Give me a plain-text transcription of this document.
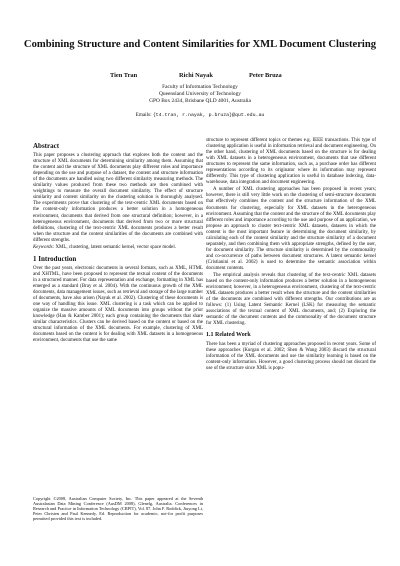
Combining Structure and Content Similarities for XML Document Clustering
Tien Tran	Richi Nayak	Peter Bruza
Faculty of Information Technology
Queensland University of Technology
GPO Box 2434, Brisbane QLD 4001, Australia
Emails: {t4.tran, r.nayak, p.bruza}@qut.edu.au
Abstract

This paper proposes a clustering approach that explores both the content and the structure of XML documents for determining similarity among them. Assuming that the content and the structure of XML documents play different roles and importance depending on the use and purpose of a dataset, the content and structure information of the documents are handled using two different similarity measuring methods. The similarity values produced from these two methods are then combined with weightings to measure the overall document similarity. The effect of structure similarity and content similarity on the clustering solution is thoroughly analysed. The experiments prove that clustering of the text-centric XML documents based on the content-only information produces a better solution in a homogeneous environment, documents that derived from one structural definition; however, in a heterogeneous environment, documents that derived from two or more structural definitions, clustering of the text-centric XML documents produces a better result when the structure and the content similarities of the documents are combined with different strengths.

Keywords: XML, clustering, latent semantic kernel, vector space model.

1 Introduction

Over the past years, electronic documents in several formats, such as XML, HTML and XHTML, have been proposed to represent the textual content of the documents in a structured manner. For data representation and exchange, formatting in XML has emerged as a standard (Bray et al. 2004). With the continuous growth of the XML documents, data management issues, such as retrieval and storage of the large number of documents, have also arisen (Nayak et al. 2002). Clustering of these documents is one way of handling this issue. XML clustering is a task which can be applied to organize the massive amounts of XML documents into groups without the prior knowledge (Han & Kamber 2001); each group containing the documents that share similar characteristics. Clusters can be derived based on the content or based on the structural information of the XML documents. For example, clustering of XML documents based on the content is for dealing with XML datasets in a homogeneous environment, documents that use the same

Copyright ©2008, Australian Computer Society, Inc. This paper appeared at the Seventh Australasian Data Mining Conference (AusDM 2008), Glenelg, Australia. Conferences in Research and Practice in Information Technology (CRPIT), Vol. 87. John F. Roddick, Jiuyong Li, Peter Christen and Paul Kennedy, Ed. Reproduction for academic, not-for profit purposes permitted provided this text is included.

structure to represent different topics or themes e.g. IEEE transactions. This type of clustering application is useful in information retrieval and document engineering. On the other hand, clustering of XML documents based on the structure is for dealing with XML datasets in a heterogeneous environment, documents that use different structures to represent the same information, such as, a purchase order has different representations according to its originator where its information may represent differently. This type of clustering application is useful in database indexing, data-warehouse, data integration and document engineering.

A number of XML clustering approaches has been proposed in recent years; however, there is still very little work on the clustering of semi-structure documents that effectively combines the content and the structure information of the XML documents for clustering, especially for XML datasets in the heterogeneous environment. Assuming that the content and the structure of the XML documents play different roles and importance according to the use and purpose of an application, we propose an approach to cluster text-centric XML datasets, datasets in which the content is the most important feature in determining the document similarity, by calculating each of the content similarity and the structure similarity of a document separately, and then combining them with appropriate strengths, defined by the user, for document similarity. The structure similarity is determined by the commonality and co-occurrence of paths between document structures. A latent semantic kernel (Cristianini et al. 2002) is used to determine the semantic association within document contents.

The empirical analysis reveals that clustering of the text-centric XML datasets based on the content-only information produces a better solution in a homogeneous environment; however, in a heterogeneous environment, clustering of the text-centric XML datasets produces a better result when the structure and the content similarities of the documents are combined with different strengths. Our contributions are as follows: (1) Using Latent Semantic Kernel (LSK) for measuring the semantic associations of the textual content of XML documents, and; (2) Exploring the semantic of the document contents and the commonality of the document structure for XML clustering.

1.1 Related Work

There has been a myriad of clustering approaches proposed in recent years. Some of these approaches (Kurgan et al. 2002; Shen & Wang 2003) discard the structural information of the XML documents and use the similarity learning is based on the content-only information. However, a good clustering process should not discard the use of the structure since XML is popu-
